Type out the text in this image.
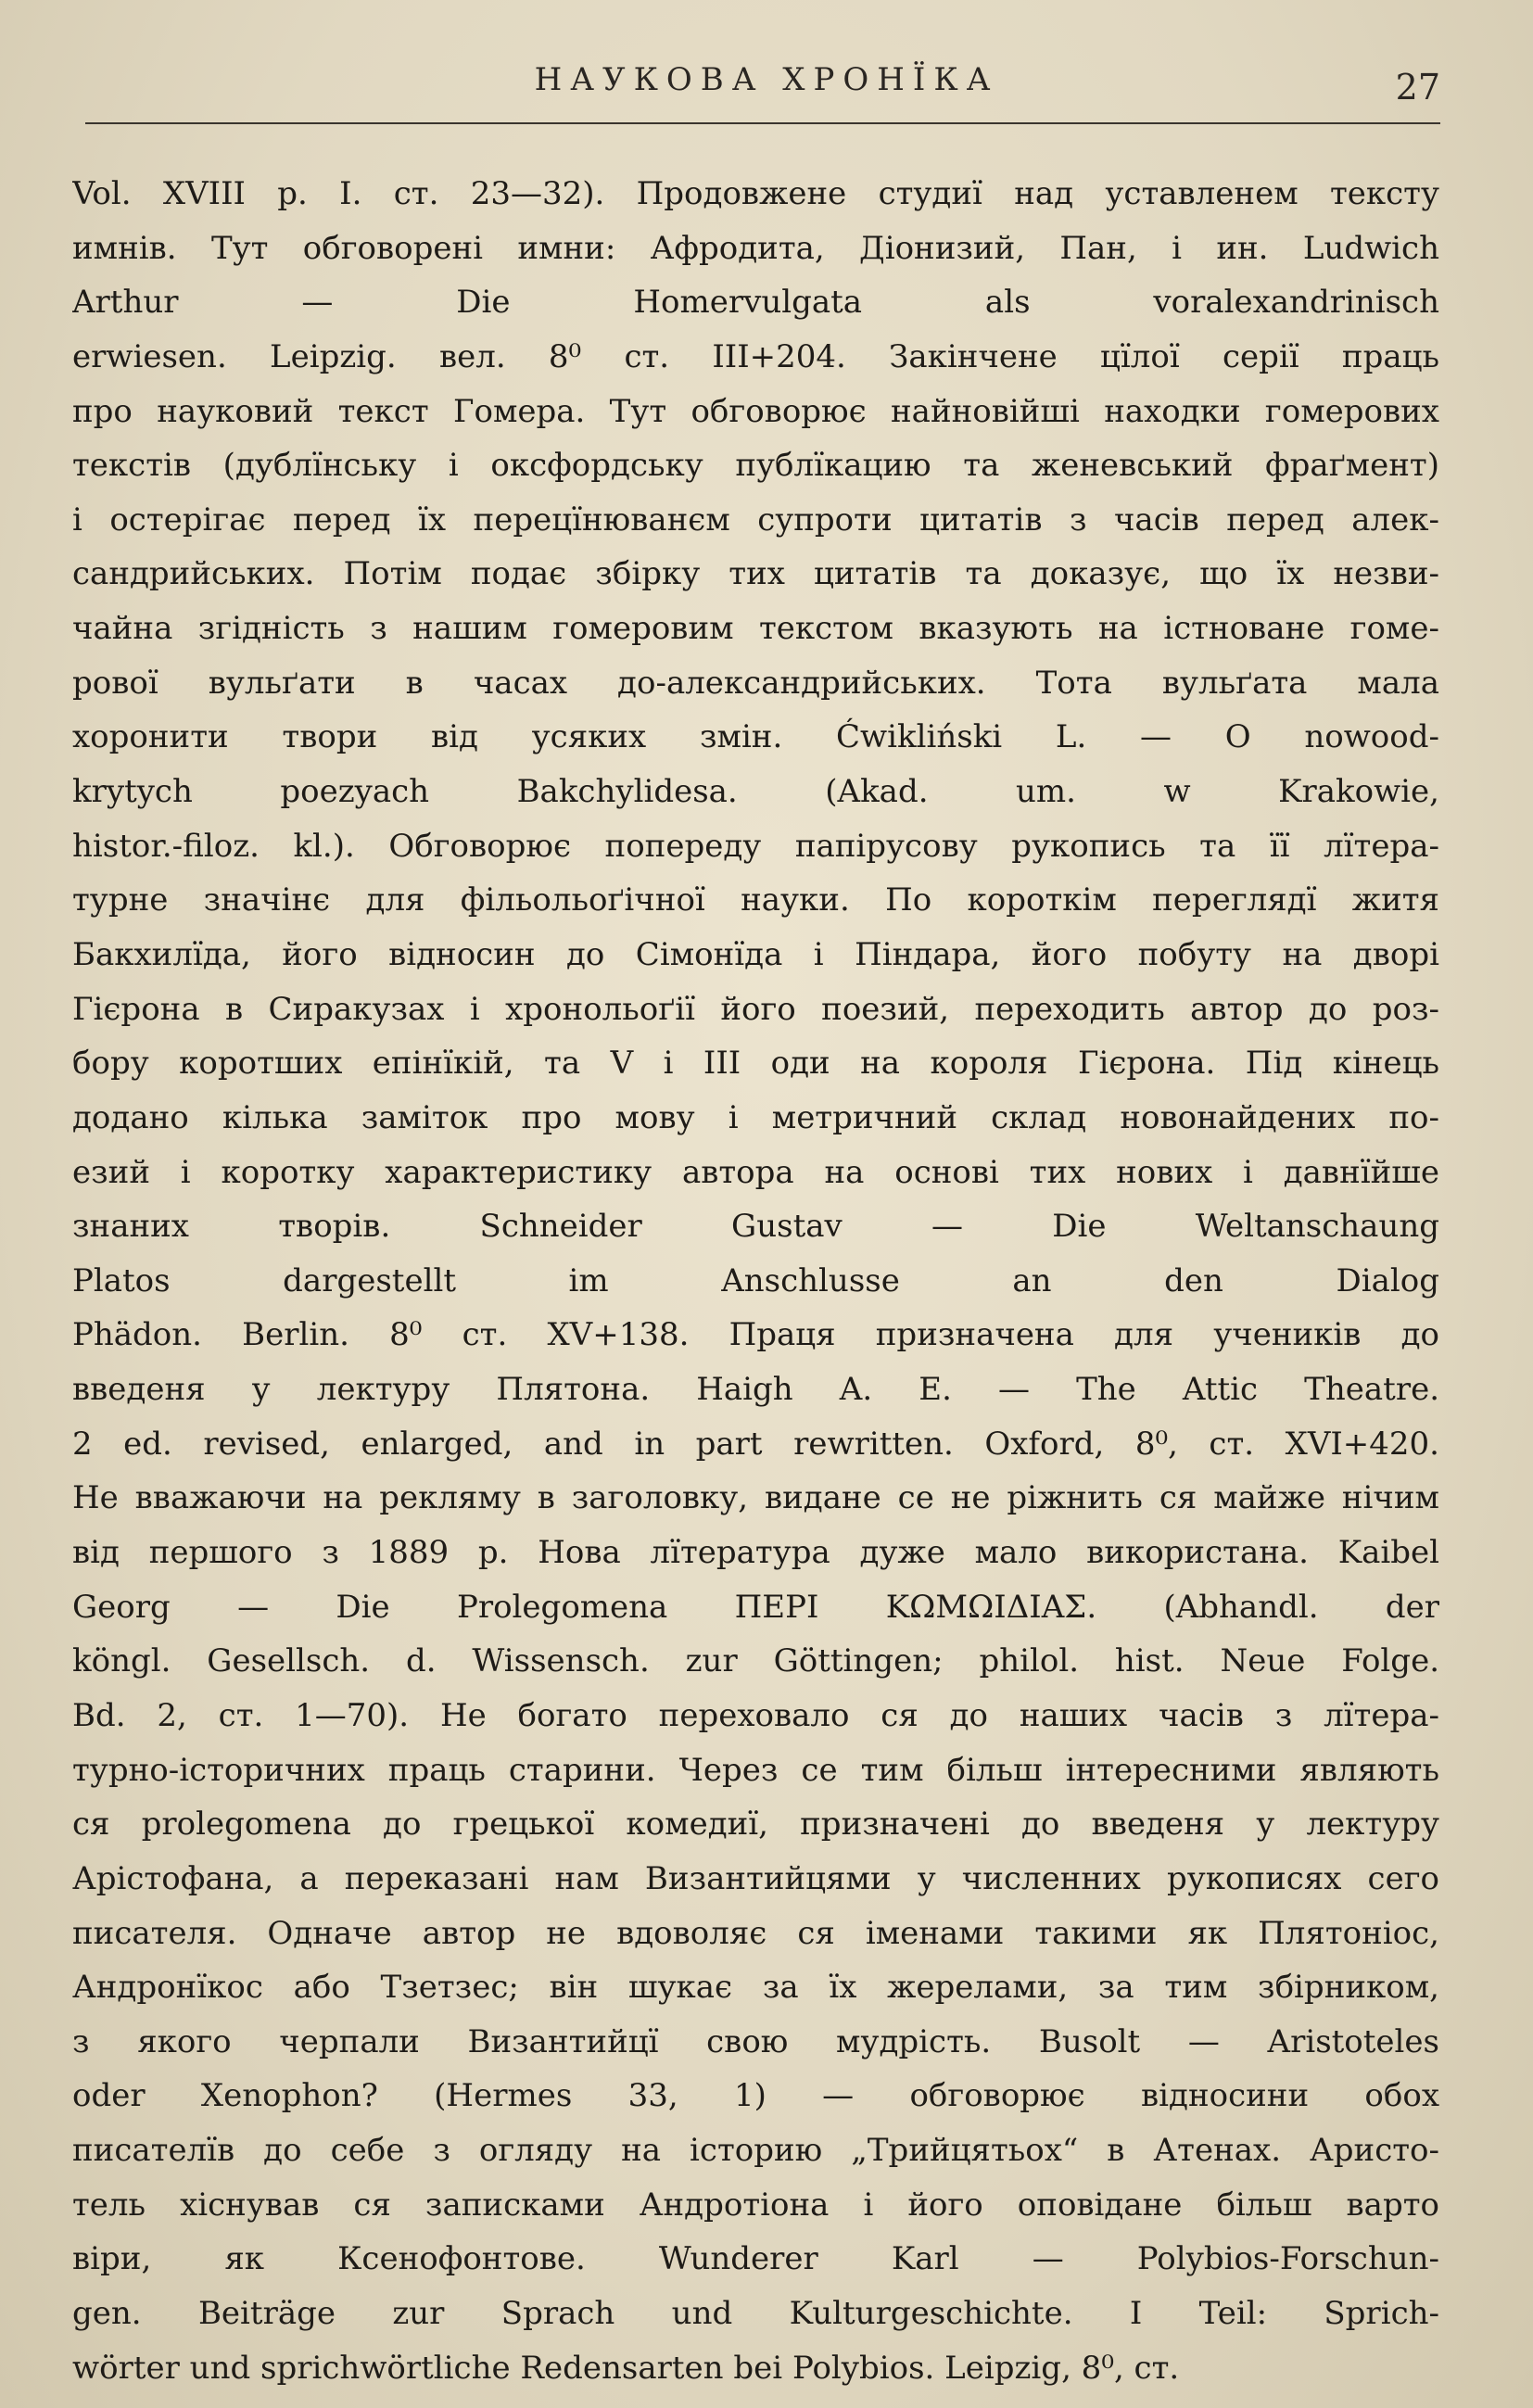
НАУКОВА ХРОНЇКА	27
Vol. XVIII p. I. ст. 23—32). Продовжене студиї над уставленем тексту
имнів. Тут обговорені имни: Афродита, Діонизий, Пан, і ин. Ludwich
Arthur — Die Homervulgata als voralexandrinisch
erwiesen. Leipzig. вел. 8⁰ ст. III+204. Закінчене цїлої серії праць
про науковий текст Гомера. Тут обговорює найновійші находки гомерових
текстів (дублїнську і оксфордську публїкацию та женевський фраґмент)
і остерігає перед їх перецїнюванєм супроти цитатів з часів перед алек-
сандрийських. Потім подає збірку тих цитатів та доказує, що їх незви-
чайна згідність з нашим гомеровим текстом вказують на істноване гоме-
рової вульґати в часах до-александрийських. Тота вульґата мала
хоронити твори від усяких змін. Ćwikliński L. — O nowood-
krytych poezyach Bakchylidesa. (Akad. um. w Krakowie,
histor.-filoz. kl.). Обговорює попереду папірусову рукопись та її лїтера-
турне значінє для фільольоґічної науки. По короткім переглядї житя
Бакхилїда, його відносин до Сімонїда і Піндара, його побуту на дворі
Гієрона в Сиракузах і хронольоґії його поезий, переходить автор до роз-
бору коротших епінїкій, та V і III оди на короля Гієрона. Під кінець
додано кілька заміток про мову і метричний склад новонайдених по-
езий і коротку характеристику автора на основі тих нових і давнїйше
знаних творів. Schneider Gustav — Die Weltanschaung
Platos dargestellt im Anschlusse an den Dialog
Phädon. Berlin. 8⁰ ст. XV+138. Праця призначена для учеників до
введеня у лектуру Плятона. Haigh A. E. — The Attic Theatre.
2 ed. revised, enlarged, and in part rewritten. Oxford, 8⁰, ст. XVI+420.
Не вважаючи на рекляму в заголовку, видане се не ріжнить ся майже нічим
від першого з 1889 р. Нова лїтература дуже мало використана. Kaibel
Georg — Die Prolegomena ΠΕΡΙ ΚΩΜΩΙΔΙΑΣ. (Abhandl. der
köngl. Gesellsch. d. Wissensch. zur Göttingen; philol. hist. Neue Folge.
Bd. 2, ст. 1—70). Не богато переховало ся до наших часів з лїтера-
турно-історичних праць старини. Через се тим більш інтересними являють
ся prolegomena до грецької комедиї, призначені до введеня у лектуру
Арістофана, а переказані нам Византийцями у численних рукописях сего
писателя. Одначе автор не вдоволяє ся іменами такими як Плятоніос,
Андронїкос або Тзетзес; він шукає за їх жерелами, за тим збірником,
з якого черпали Византийцї свою мудрість. Busolt — Aristoteles
oder Xenophon? (Hermes 33, 1) — обговорює відносини обох
писателїв до себе з огляду на історию „Трийцятьох“ в Атенах. Аристо-
тель хіснував ся записками Андротіона і його оповідане більш варто
віри, як Ксенофонтове. Wunderer Karl — Polybios-Forschun-
gen. Beiträge zur Sprach und Kulturgeschichte. I Teil: Sprich-
wörter und sprichwörtliche Redensarten bei Polybios. Leipzig, 8⁰, ст.
